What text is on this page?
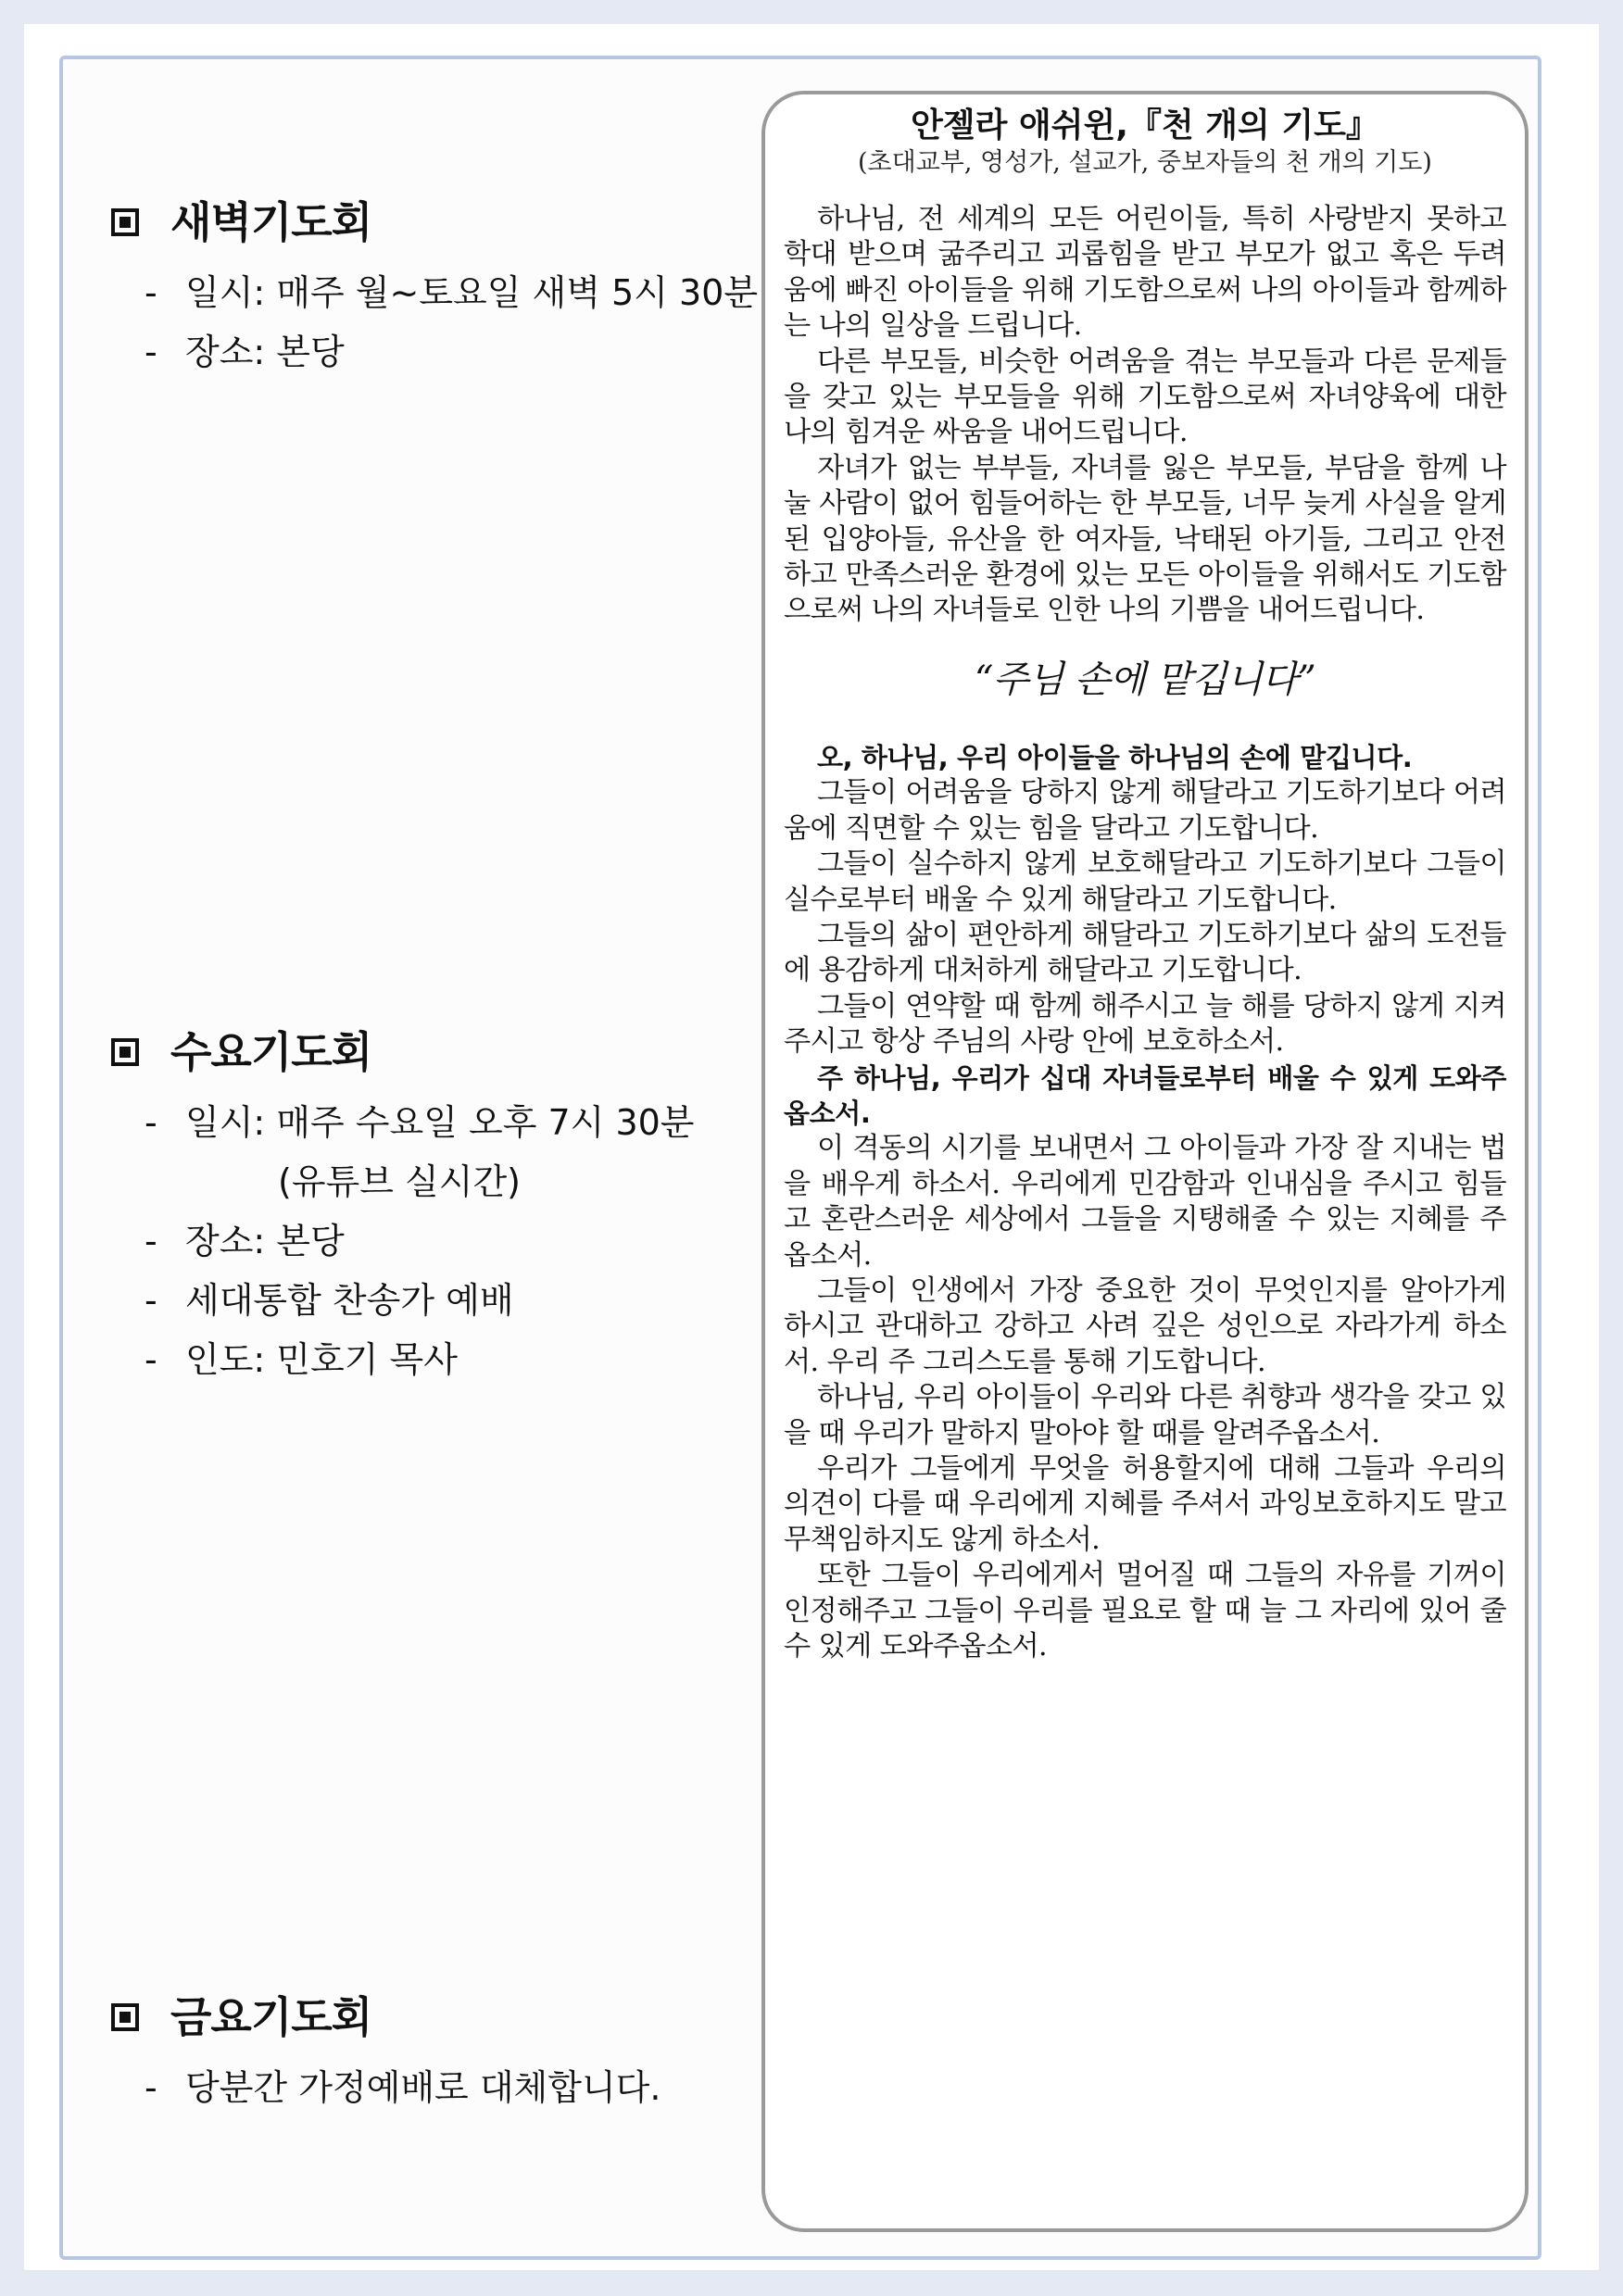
새벽기도회
- 일시: 매주 월~토요일 새벽 5시 30분
- 장소: 본당
수요기도회
- 일시: 매주 수요일 오후 7시 30분
(유튜브 실시간)
- 장소: 본당
- 세대통합 찬송가 예배
- 인도: 민호기 목사
금요기도회
- 당분간 가정예배로 대체합니다.
안젤라 애쉬윈,『천 개의 기도』
(초대교부, 영성가, 설교가, 중보자들의 천 개의 기도)

하나님, 전 세계의 모든 어린이들, 특히 사랑받지 못하고 학대 받으며 굶주리고 괴롭힘을 받고 부모가 없고 혹은 두려움에 빠진 아이들을 위해 기도함으로써 나의 아이들과 함께하는 나의 일상을 드립니다.

다른 부모들, 비슷한 어려움을 겪는 부모들과 다른 문제들을 갖고 있는 부모들을 위해 기도함으로써 자녀양육에 대한 나의 힘겨운 싸움을 내어드립니다.

자녀가 없는 부부들, 자녀를 잃은 부모들, 부담을 함께 나눌 사람이 없어 힘들어하는 한 부모들, 너무 늦게 사실을 알게 된 입양아들, 유산을 한 여자들, 낙태된 아기들, 그리고 안전하고 만족스러운 환경에 있는 모든 아이들을 위해서도 기도함으로써 나의 자녀들로 인한 나의 기쁨을 내어드립니다.

“주님 손에 맡깁니다”

오, 하나님, 우리 아이들을 하나님의 손에 맡깁니다.

그들이 어려움을 당하지 않게 해달라고 기도하기보다 어려움에 직면할 수 있는 힘을 달라고 기도합니다.

그들이 실수하지 않게 보호해달라고 기도하기보다 그들이 실수로부터 배울 수 있게 해달라고 기도합니다.

그들의 삶이 편안하게 해달라고 기도하기보다 삶의 도전들에 용감하게 대처하게 해달라고 기도합니다.

그들이 연약할 때 함께 해주시고 늘 해를 당하지 않게 지켜주시고 항상 주님의 사랑 안에 보호하소서.

주 하나님, 우리가 십대 자녀들로부터 배울 수 있게 도와주옵소서.

이 격동의 시기를 보내면서 그 아이들과 가장 잘 지내는 법을 배우게 하소서. 우리에게 민감함과 인내심을 주시고 힘들고 혼란스러운 세상에서 그들을 지탱해줄 수 있는 지혜를 주옵소서.

그들이 인생에서 가장 중요한 것이 무엇인지를 알아가게 하시고 관대하고 강하고 사려 깊은 성인으로 자라가게 하소서. 우리 주 그리스도를 통해 기도합니다.

하나님, 우리 아이들이 우리와 다른 취향과 생각을 갖고 있을 때 우리가 말하지 말아야 할 때를 알려주옵소서.

우리가 그들에게 무엇을 허용할지에 대해 그들과 우리의 의견이 다를 때 우리에게 지혜를 주셔서 과잉보호하지도 말고 무책임하지도 않게 하소서.

또한 그들이 우리에게서 멀어질 때 그들의 자유를 기꺼이 인정해주고 그들이 우리를 필요로 할 때 늘 그 자리에 있어 줄 수 있게 도와주옵소서.
